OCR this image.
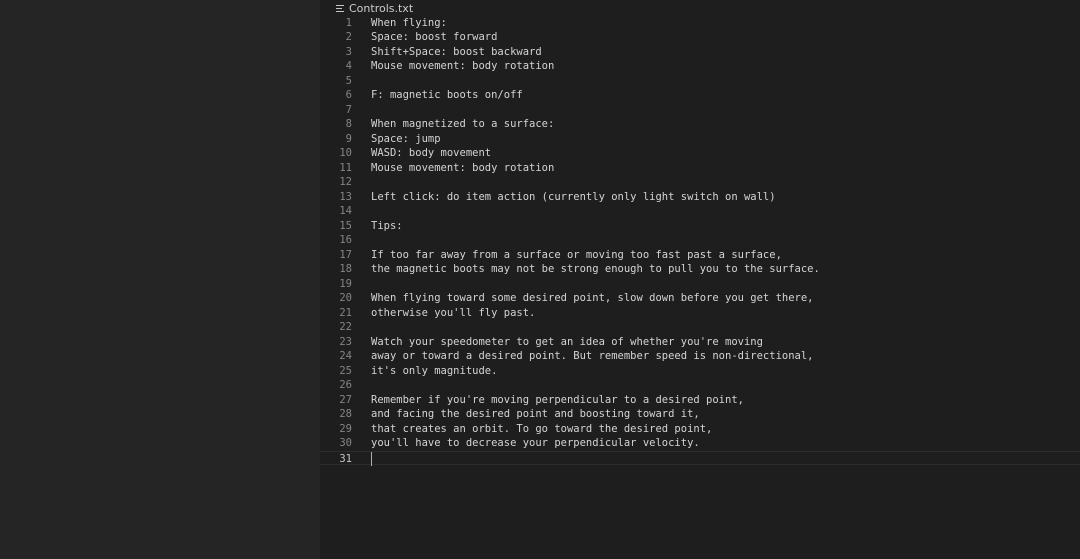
Controls.txt
1 When flying:
2 Space: boost forward
3 Shift+Space: boost backward
4 Mouse movement: body rotation
5
6 F: magnetic boots on/off
7
8 When magnetized to a surface:
9 Space: jump
10 WASD: body movement
11 Mouse movement: body rotation
12
13 Left click: do item action (currently only light switch on wall)
14
15 Tips:
16
17 If too far away from a surface or moving too fast past a surface,
18 the magnetic boots may not be strong enough to pull you to the surface.
19
20 When flying toward some desired point, slow down before you get there,
21 otherwise you'll fly past.
22
23 Watch your speedometer to get an idea of whether you're moving
24 away or toward a desired point. But remember speed is non-directional,
25 it's only magnitude.
26
27 Remember if you're moving perpendicular to a desired point,
28 and facing the desired point and boosting toward it,
29 that creates an orbit. To go toward the desired point,
30 you'll have to decrease your perpendicular velocity.
31
